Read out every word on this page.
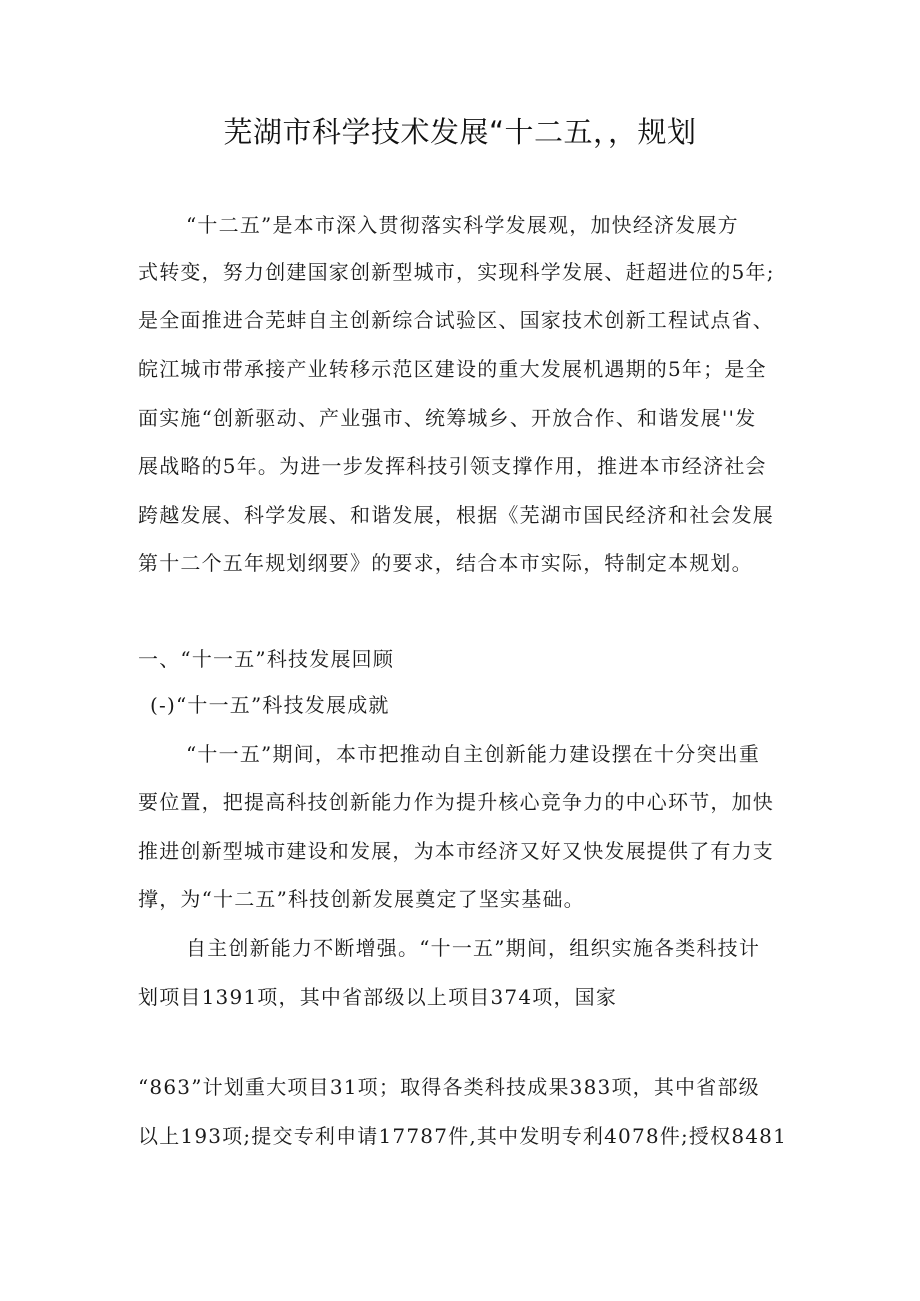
芜湖市科学技术发展“十二五，，规划

“十二五”是本市深入贯彻落实科学发展观，加快经济发展方

式转变，努力创建国家创新型城市，实现科学发展、赶超进位的5年;

是全面推进合芜蚌自主创新综合试验区、国家技术创新工程试点省、

皖江城市带承接产业转移示范区建设的重大发展机遇期的5年；是全

面实施“创新驱动、产业强市、统筹城乡、开放合作、和谐发展''发

展战略的5年。为进一步发挥科技引领支撑作用，推进本市经济社会

跨越发展、科学发展、和谐发展，根据《芜湖市国民经济和社会发展

第十二个五年规划纲要》的要求，结合本市实际，特制定本规划。

一、“十一五”科技发展回顾

(-)“十一五”科技发展成就

“十一五”期间，本市把推动自主创新能力建设摆在十分突出重

要位置，把提高科技创新能力作为提升核心竞争力的中心环节，加快

推进创新型城市建设和发展，为本市经济又好又快发展提供了有力支

撑，为“十二五”科技创新发展奠定了坚实基础。

自主创新能力不断增强。“十一五”期间，组织实施各类科技计

划项目1391项，其中省部级以上项目374项，国家

“863”计划重大项目31项；取得各类科技成果383项，其中省部级

以上193项;提交专利申请17787件,其中发明专利4078件;授权8481
